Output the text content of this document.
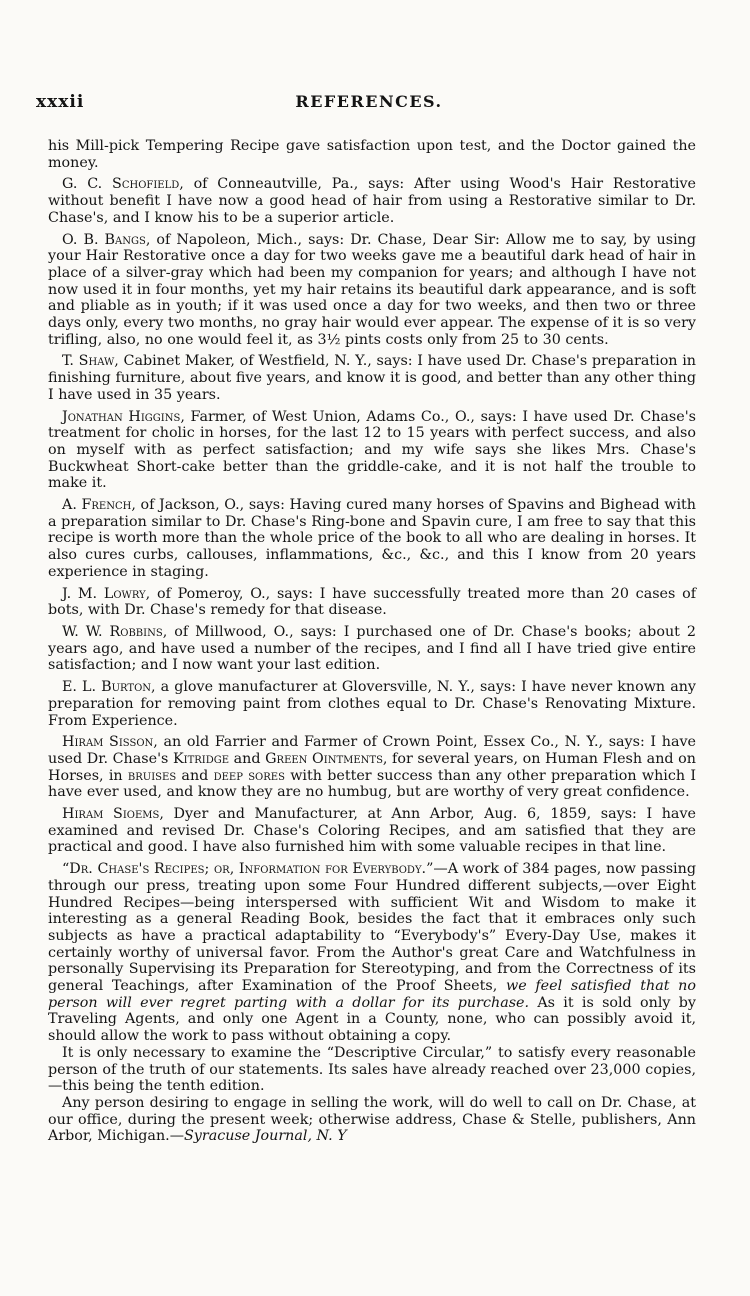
xxxii	REFERENCES.

his Mill-pick Tempering Recipe gave satisfaction upon test, and the Doctor gained the money.

G. C. Schofield, of Conneautville, Pa., says: After using Wood's Hair Restorative without benefit I have now a good head of hair from using a Restorative similar to Dr. Chase's, and I know his to be a superior article.

O. B. Bangs, of Napoleon, Mich., says: Dr. Chase, Dear Sir: Allow me to say, by using your Hair Restorative once a day for two weeks gave me a beautiful dark head of hair in place of a silver-gray which had been my companion for years; and although I have not now used it in four months, yet my hair retains its beautiful dark appearance, and is soft and pliable as in youth; if it was used once a day for two weeks, and then two or three days only, every two months, no gray hair would ever appear. The expense of it is so very trifling, also, no one would feel it, as 3½ pints costs only from 25 to 30 cents.

T. Shaw, Cabinet Maker, of Westfield, N. Y., says: I have used Dr. Chase's preparation in finishing furniture, about five years, and know it is good, and better than any other thing I have used in 35 years.

Jonathan Higgins, Farmer, of West Union, Adams Co., O., says: I have used Dr. Chase's treatment for cholic in horses, for the last 12 to 15 years with perfect success, and also on myself with as perfect satisfaction; and my wife says she likes Mrs. Chase's Buckwheat Short-cake better than the griddle-cake, and it is not half the trouble to make it.

A. French, of Jackson, O., says: Having cured many horses of Spavins and Bighead with a preparation similar to Dr. Chase's Ring-bone and Spavin cure, I am free to say that this recipe is worth more than the whole price of the book to all who are dealing in horses. It also cures curbs, callouses, inflammations, &c., &c., and this I know from 20 years experience in staging.

J. M. Lowry, of Pomeroy, O., says: I have successfully treated more than 20 cases of bots, with Dr. Chase's remedy for that disease.

W. W. Robbins, of Millwood, O., says: I purchased one of Dr. Chase's books; about 2 years ago, and have used a number of the recipes, and I find all I have tried give entire satisfaction; and I now want your last edition.

E. L. Burton, a glove manufacturer at Gloversville, N. Y., says: I have never known any preparation for removing paint from clothes equal to Dr. Chase's Renovating Mixture. From Experience.

Hiram Sisson, an old Farrier and Farmer of Crown Point, Essex Co., N. Y., says: I have used Dr. Chase's Kitridge and Green Ointments, for several years, on Human Flesh and on Horses, in bruises and deep sores with better success than any other preparation which I have ever used, and know they are no humbug, but are worthy of very great confidence.

Hiram Sioems, Dyer and Manufacturer, at Ann Arbor, Aug. 6, 1859, says: I have examined and revised Dr. Chase's Coloring Recipes, and am satisfied that they are practical and good. I have also furnished him with some valuable recipes in that line.

“Dr. Chase's Recipes; or, Information for Everybody.”—A work of 384 pages, now passing through our press, treating upon some Four Hundred different subjects,—over Eight Hundred Recipes—being interspersed with sufficient Wit and Wisdom to make it interesting as a general Reading Book, besides the fact that it embraces only such subjects as have a practical adaptability to “Everybody's” Every-Day Use, makes it certainly worthy of universal favor. From the Author's great Care and Watchfulness in personally Supervising its Preparation for Stereotyping, and from the Correctness of its general Teachings, after Examination of the Proof Sheets, we feel satisfied that no person will ever regret parting with a dollar for its purchase. As it is sold only by Traveling Agents, and only one Agent in a County, none, who can possibly avoid it, should allow the work to pass without obtaining a copy.

It is only necessary to examine the “Descriptive Circular,” to satisfy every reasonable person of the truth of our statements. Its sales have already reached over 23,000 copies,—this being the tenth edition.

Any person desiring to engage in selling the work, will do well to call on Dr. Chase, at our office, during the present week; otherwise address, Chase & Stelle, publishers, Ann Arbor, Michigan.—Syracuse Journal, N. Y
